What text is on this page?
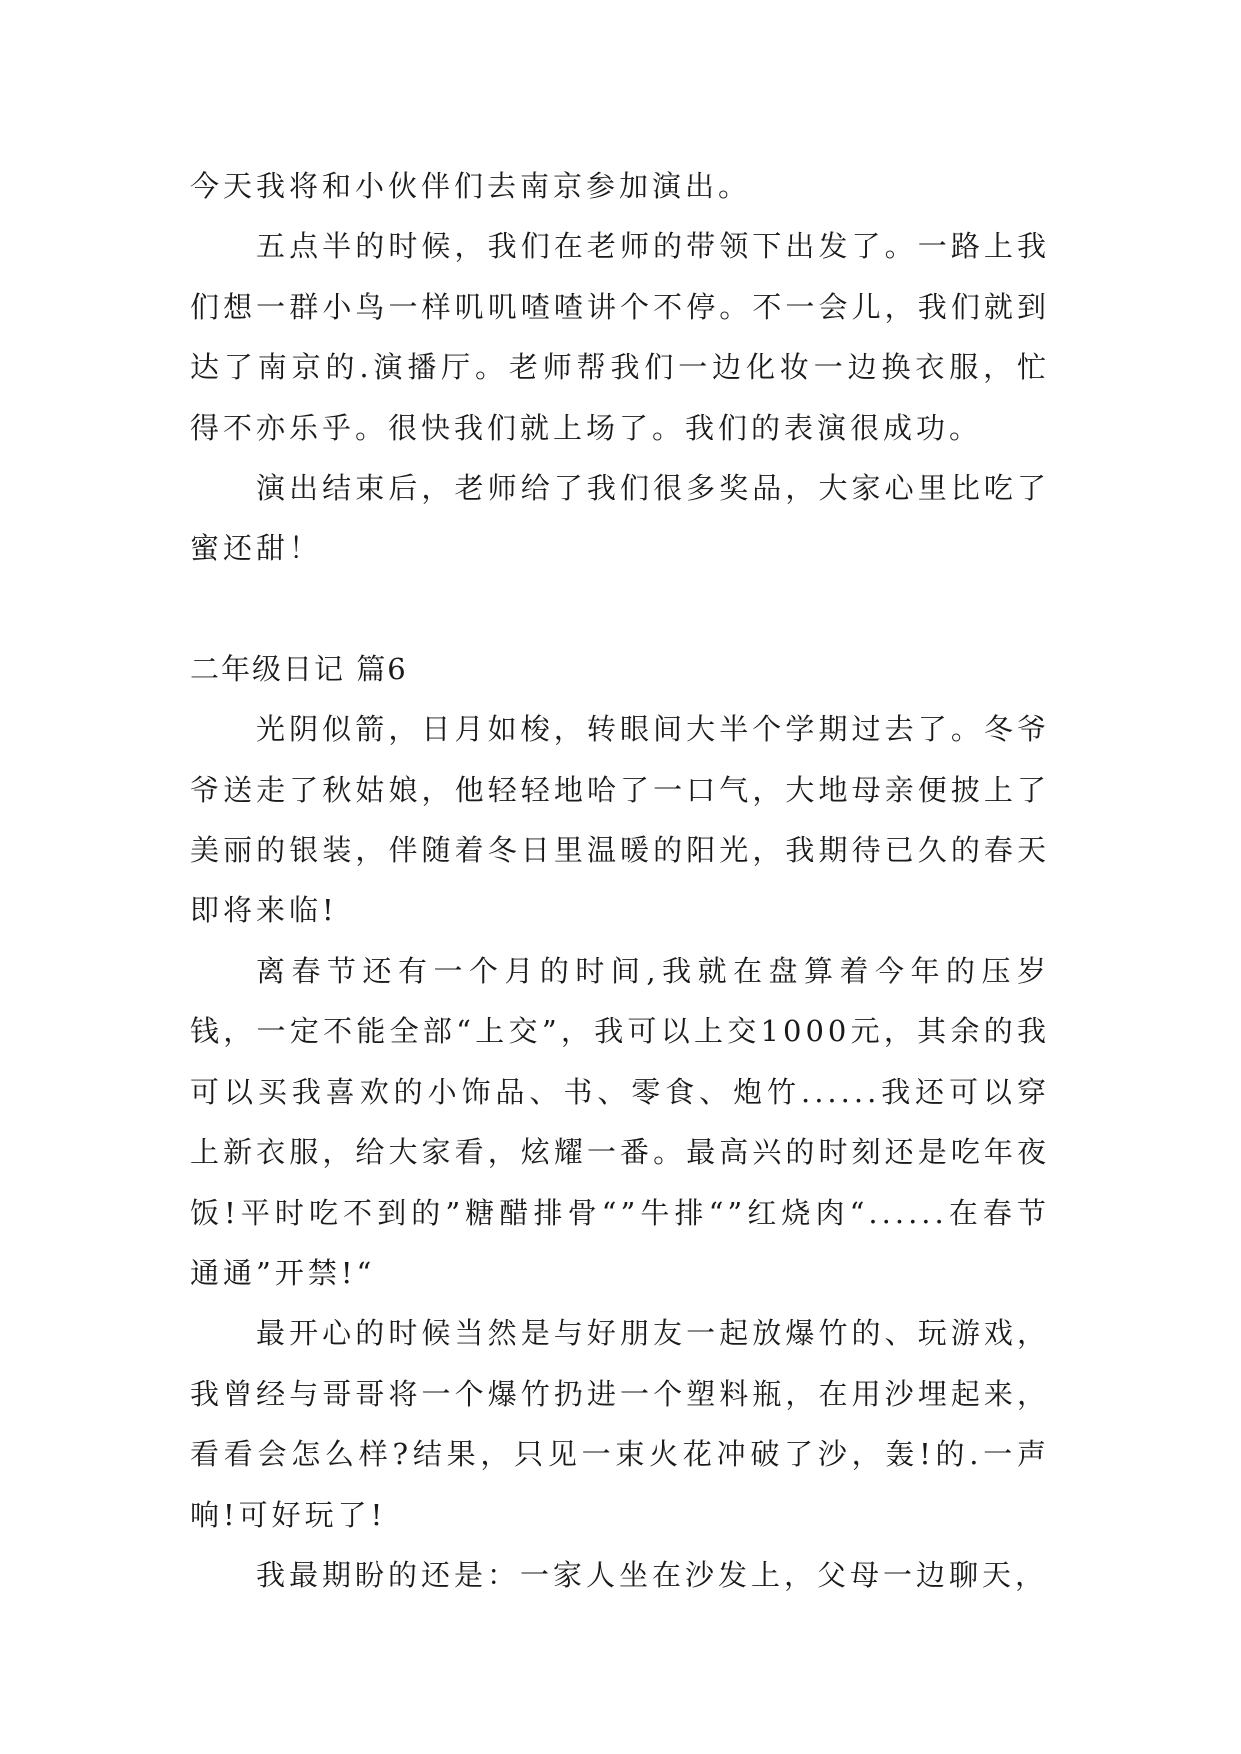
今天我将和小伙伴们去南京参加演出。

五点半的时候，我们在老师的带领下出发了。一路上我们想一群小鸟一样叽叽喳喳讲个不停。不一会儿，我们就到达了南京的.演播厅。老师帮我们一边化妆一边换衣服，忙得不亦乐乎。很快我们就上场了。我们的表演很成功。

演出结束后，老师给了我们很多奖品，大家心里比吃了蜜还甜！

二年级日记 篇6

光阴似箭，日月如梭，转眼间大半个学期过去了。冬爷爷送走了秋姑娘，他轻轻地哈了一口气，大地母亲便披上了美丽的银装，伴随着冬日里温暖的阳光，我期待已久的春天即将来临!

离春节还有一个月的时间,我就在盘算着今年的压岁钱，一定不能全部“上交”，我可以上交1000元，其余的我可以买我喜欢的小饰品、书、零食、炮竹......我还可以穿上新衣服，给大家看，炫耀一番。最高兴的时刻还是吃年夜饭!平时吃不到的”糖醋排骨“”牛排“”红烧肉“......在春节通通”开禁!“

最开心的时候当然是与好朋友一起放爆竹的、玩游戏，我曾经与哥哥将一个爆竹扔进一个塑料瓶，在用沙埋起来，看看会怎么样?结果，只见一束火花冲破了沙，轰!的.一声响!可好玩了!

我最期盼的还是：一家人坐在沙发上，父母一边聊天，
